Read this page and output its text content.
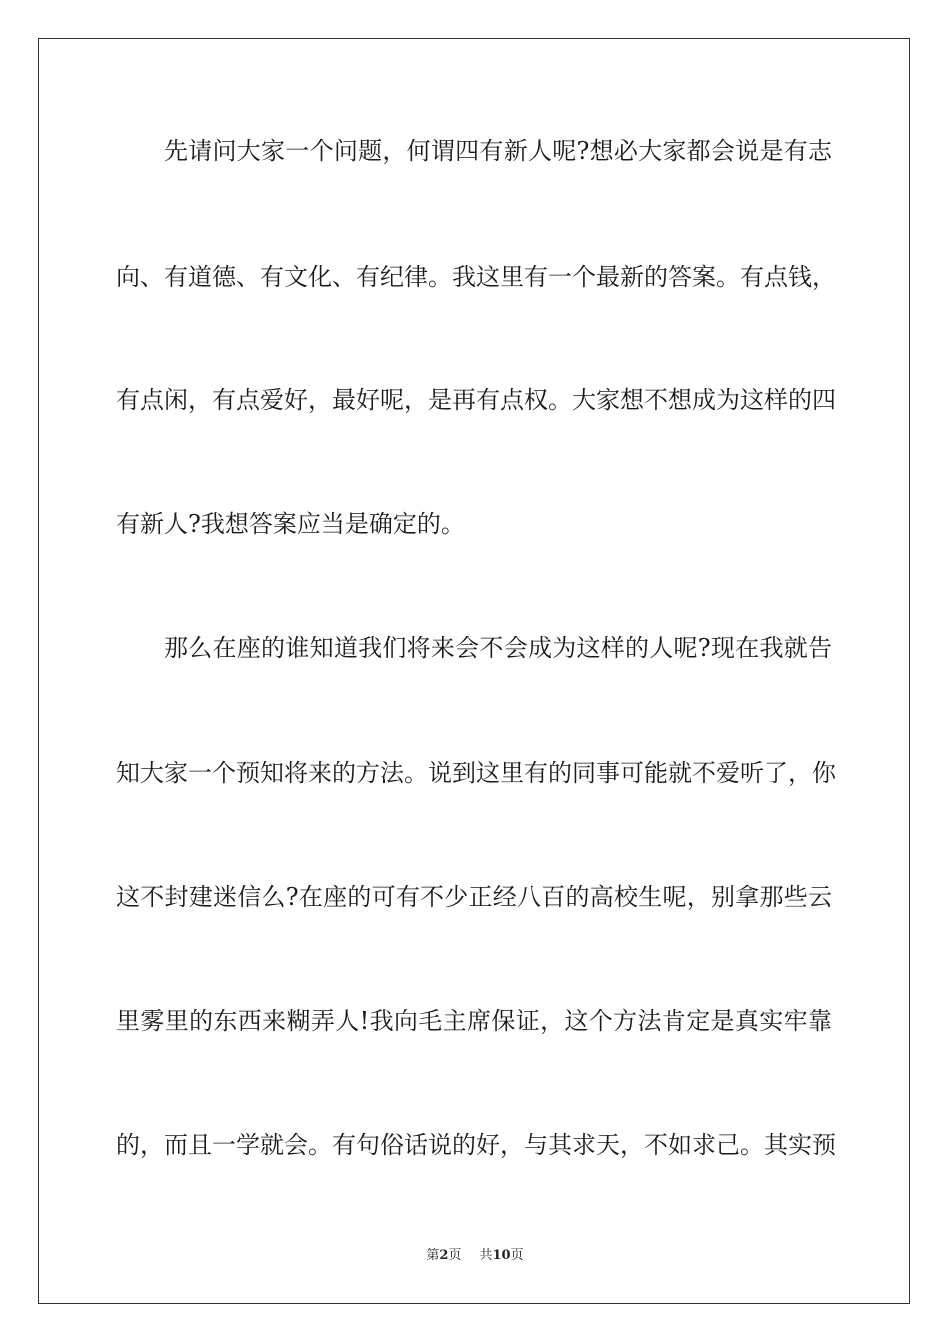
先请问大家一个问题，何谓四有新人呢?想必大家都会说是有志
向、有道德、有文化、有纪律。我这里有一个最新的答案。有点钱，
有点闲，有点爱好，最好呢，是再有点权。大家想不想成为这样的四
有新人?我想答案应当是确定的。
那么在座的谁知道我们将来会不会成为这样的人呢?现在我就告
知大家一个预知将来的方法。说到这里有的同事可能就不爱听了，你
这不封建迷信么?在座的可有不少正经八百的高校生呢，别拿那些云
里雾里的东西来糊弄人!我向毛主席保证，这个方法肯定是真实牢靠
的，而且一学就会。有句俗话说的好，与其求天，不如求己。其实预
第2页 共10页
